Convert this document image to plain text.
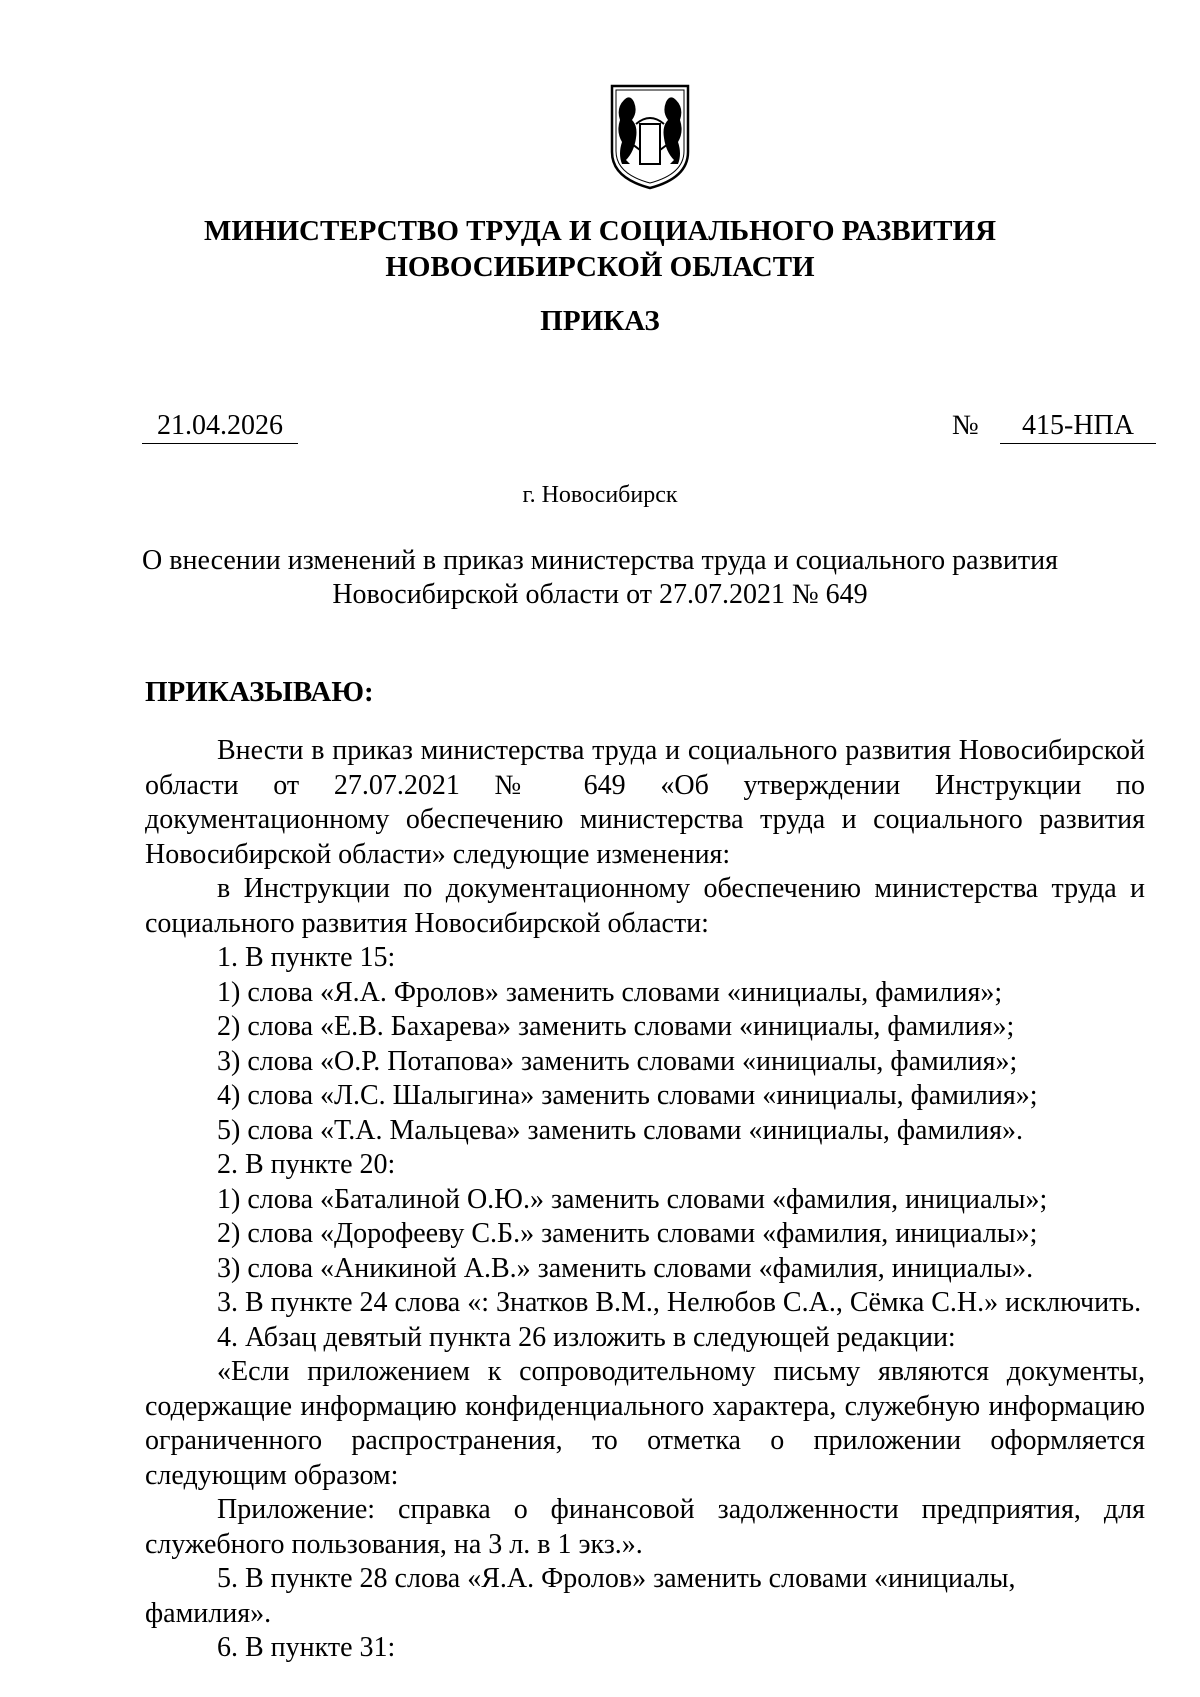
МИНИСТЕРСТВО ТРУДА И СОЦИАЛЬНОГО РАЗВИТИЯ
НОВОСИБИРСКОЙ ОБЛАСТИ
ПРИКАЗ
21.04.2026	№	415-НПА
г. Новосибирск
О внесении изменений в приказ министерства труда и социального развития
Новосибирской области от 27.07.2021 № 649
ПРИКАЗЫВАЮ:

Внести в приказ министерства труда и социального развития Новосибирской области от 27.07.2021 № 649 «Об утверждении Инструкции по документационному обеспечению министерства труда и социального развития Новосибирской области» следующие изменения:

в Инструкции по документационному обеспечению министерства труда и социального развития Новосибирской области:

1. В пункте 15:

1) слова «Я.А. Фролов» заменить словами «инициалы, фамилия»;

2) слова «Е.В. Бахарева» заменить словами «инициалы, фамилия»;

3) слова «О.Р. Потапова» заменить словами «инициалы, фамилия»;

4) слова «Л.С. Шалыгина» заменить словами «инициалы, фамилия»;

5) слова «Т.А. Мальцева» заменить словами «инициалы, фамилия».

2. В пункте 20:

1) слова «Баталиной О.Ю.» заменить словами «фамилия, инициалы»;

2) слова «Дорофееву С.Б.» заменить словами «фамилия, инициалы»;

3) слова «Аникиной А.В.» заменить словами «фамилия, инициалы».

3. В пункте 24 слова «: Знатков В.М., Нелюбов С.А., Сёмка С.Н.» исключить.

4. Абзац девятый пункта 26 изложить в следующей редакции:

«Если приложением к сопроводительному письму являются документы, содержащие информацию конфиденциального характера, служебную информацию ограниченного распространения, то отметка о приложении оформляется следующим образом:

Приложение: справка о финансовой задолженности предприятия, для служебного пользования, на 3 л. в 1 экз.».

5. В пункте 28 слова «Я.А. Фролов» заменить словами «инициалы, фамилия».

6. В пункте 31:
